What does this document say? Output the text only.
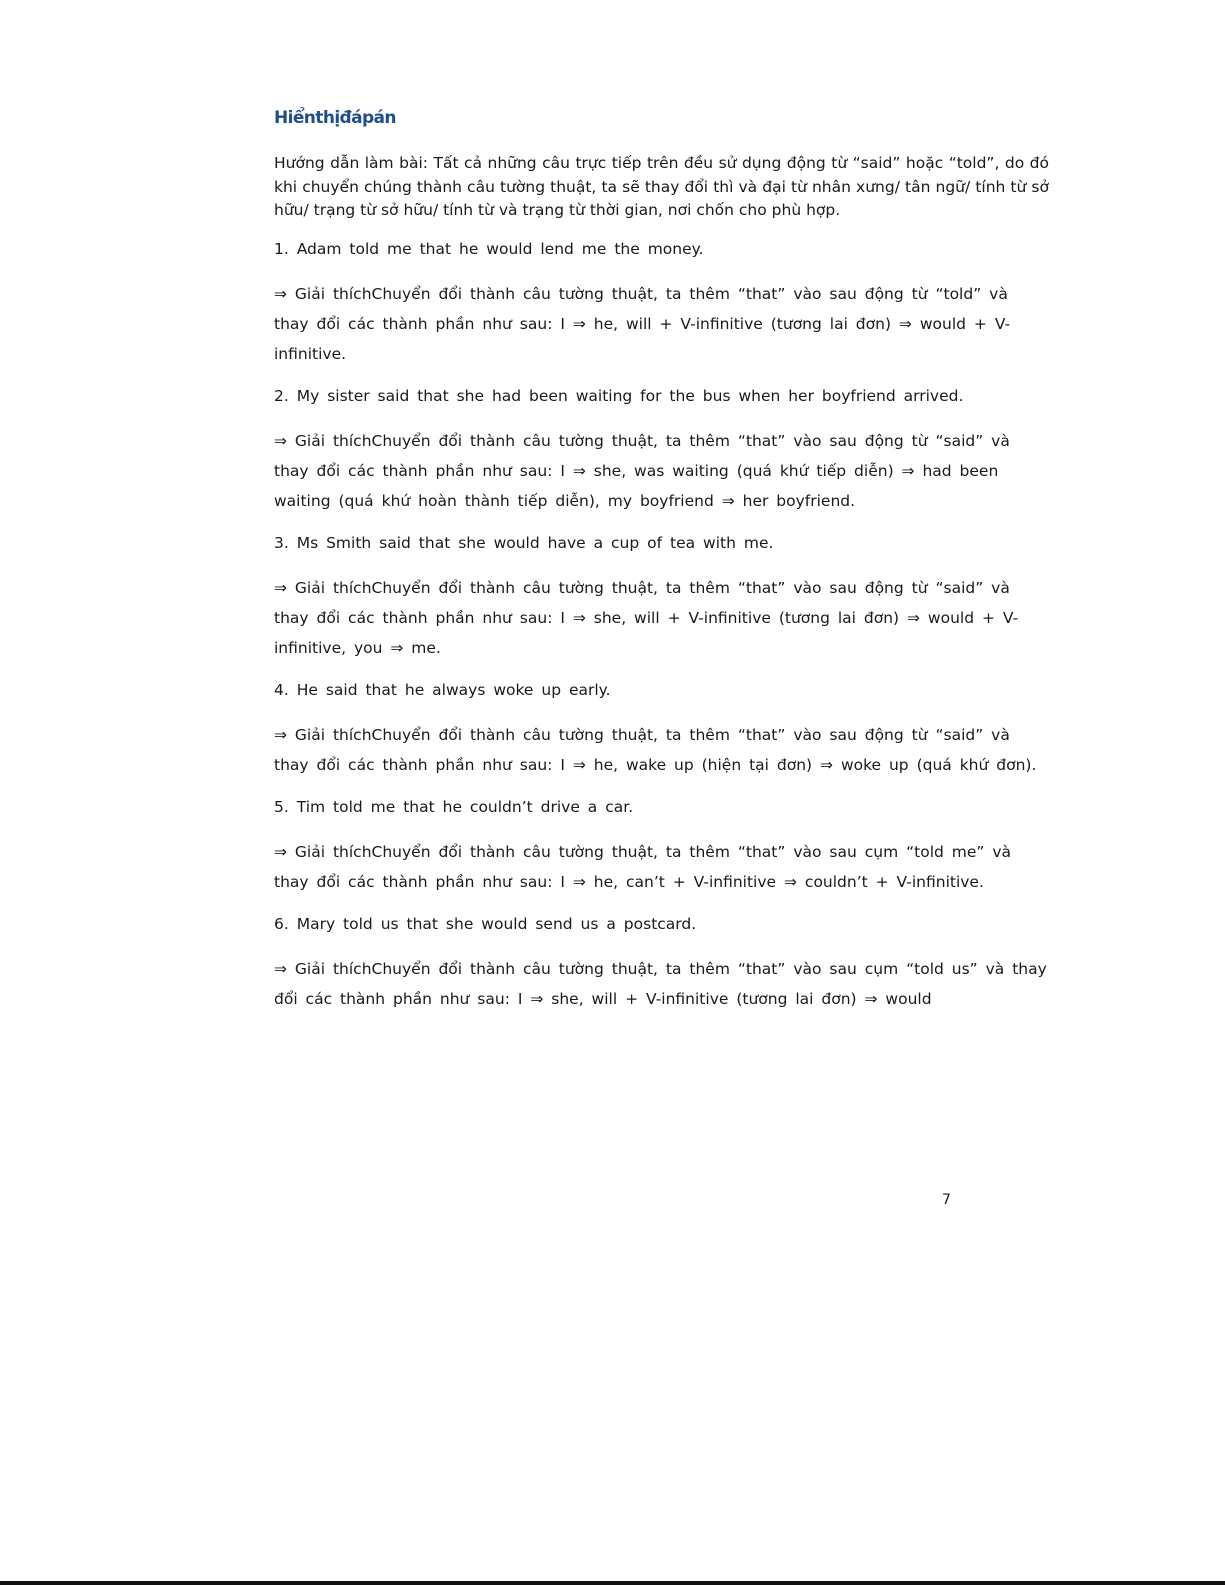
Hiểnthịđápán

Hướng dẫn làm bài: Tất cả những câu trực tiếp trên đều sử dụng động từ “said” hoặc “told”, do đó khi chuyển chúng thành câu tường thuật, ta sẽ thay đổi thì và đại từ nhân xưng/ tân ngữ/ tính từ sở hữu/ trạng từ sở hữu/ tính từ và trạng từ thời gian, nơi chốn cho phù hợp.

1. Adam told me that he would lend me the money.

⇒ Giải thíchChuyển đổi thành câu tường thuật, ta thêm “that” vào sau động từ “told” và thay đổi các thành phần như sau: I ⇒ he, will + V-infinitive (tương lai đơn) ⇒ would + V-infinitive.

2. My sister said that she had been waiting for the bus when her boyfriend arrived.

⇒ Giải thíchChuyển đổi thành câu tường thuật, ta thêm “that” vào sau động từ “said” và thay đổi các thành phần như sau: I ⇒ she, was waiting (quá khứ tiếp diễn) ⇒ had been waiting (quá khứ hoàn thành tiếp diễn), my boyfriend ⇒ her boyfriend.

3. Ms Smith said that she would have a cup of tea with me.

⇒ Giải thíchChuyển đổi thành câu tường thuật, ta thêm “that” vào sau động từ “said” và thay đổi các thành phần như sau: I ⇒ she, will + V-infinitive (tương lai đơn) ⇒ would + V-infinitive, you ⇒ me.

4. He said that he always woke up early.

⇒ Giải thíchChuyển đổi thành câu tường thuật, ta thêm “that” vào sau động từ “said” và thay đổi các thành phần như sau: I ⇒ he, wake up (hiện tại đơn) ⇒ woke up (quá khứ đơn).

5. Tim told me that he couldn’t drive a car.

⇒ Giải thíchChuyển đổi thành câu tường thuật, ta thêm “that” vào sau cụm “told me” và thay đổi các thành phần như sau: I ⇒ he, can’t + V-infinitive ⇒ couldn’t + V-infinitive.

6. Mary told us that she would send us a postcard.

⇒ Giải thíchChuyển đổi thành câu tường thuật, ta thêm “that” vào sau cụm “told us” và thay đổi các thành phần như sau: I ⇒ she, will + V-infinitive (tương lai đơn) ⇒ would

7
